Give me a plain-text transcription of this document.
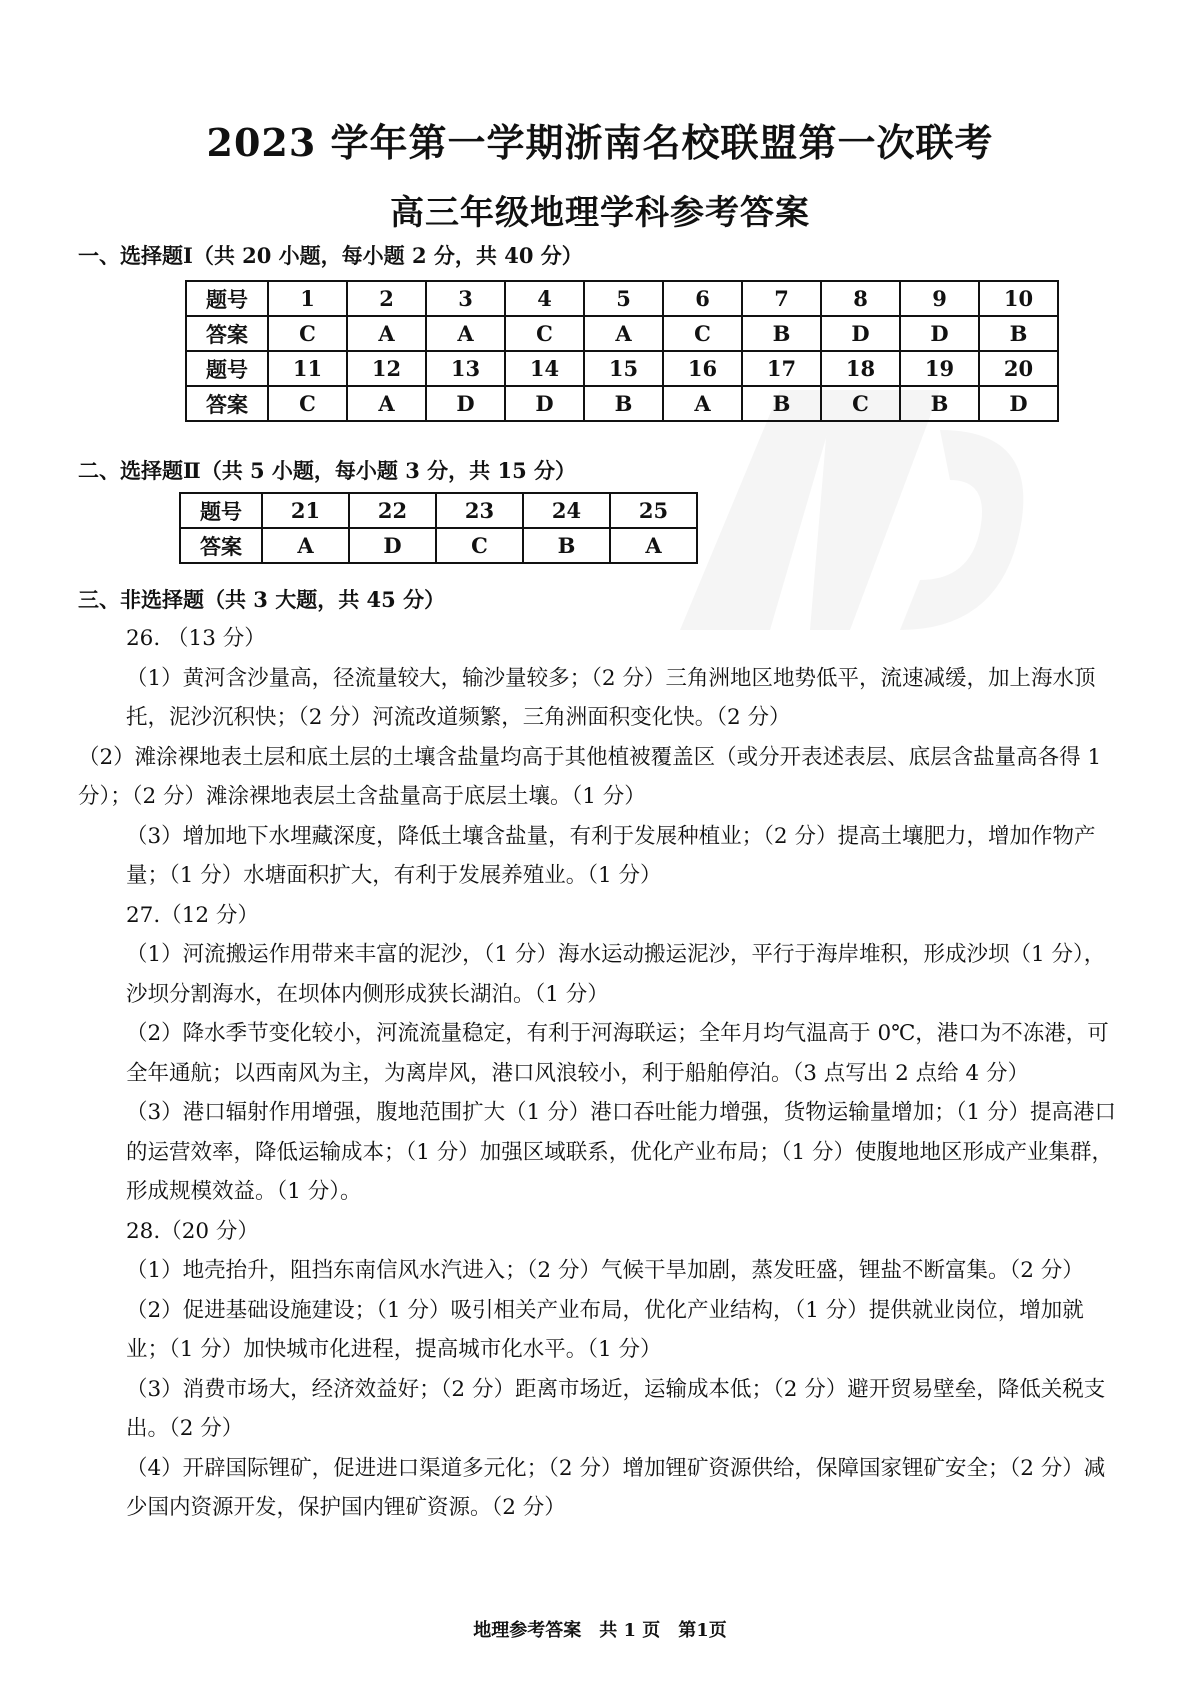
2023 学年第一学期浙南名校联盟第一次联考
高三年级地理学科参考答案
一、选择题Ⅰ（共 20 小题，每小题 2 分，共 40 分）
题号	1	2	3	4	5	6	7	8	9	10
答案	C	A	A	C	A	C	B	D	D	B
题号	11	12	13	14	15	16	17	18	19	20
答案	C	A	D	D	B	A	B	C	B	D
二、选择题Ⅱ（共 5 小题，每小题 3 分，共 15 分）
题号	21	22	23	24	25
答案	A	D	C	B	A
三、非选择题（共 3 大题，共 45 分）
26. （13 分）
（1）黄河含沙量高，径流量较大，输沙量较多；（2 分）三角洲地区地势低平，流速减缓，加上海水顶托，泥沙沉积快；（2 分）河流改道频繁，三角洲面积变化快。（2 分）
（2）滩涂裸地表土层和底土层的土壤含盐量均高于其他植被覆盖区（或分开表述表层、底层含盐量高各得 1 分）；（2 分）滩涂裸地表层土含盐量高于底层土壤。（1 分）
（3）增加地下水埋藏深度，降低土壤含盐量，有利于发展种植业；（2 分）提高土壤肥力，增加作物产量；（1 分）水塘面积扩大，有利于发展养殖业。（1 分）
27.（12 分）
（1）河流搬运作用带来丰富的泥沙，（1 分）海水运动搬运泥沙，平行于海岸堆积，形成沙坝（1 分），沙坝分割海水，在坝体内侧形成狭长湖泊。（1 分）
（2）降水季节变化较小，河流流量稳定，有利于河海联运；全年月均气温高于 0℃，港口为不冻港，可全年通航；以西南风为主，为离岸风，港口风浪较小，利于船舶停泊。（3 点写出 2 点给 4 分）
（3）港口辐射作用增强，腹地范围扩大（1 分）港口吞吐能力增强，货物运输量增加；（1 分）提高港口的运营效率，降低运输成本；（1 分）加强区域联系，优化产业布局；（1 分）使腹地地区形成产业集群，形成规模效益。（1 分）。
28.（20 分）
（1）地壳抬升，阻挡东南信风水汽进入；（2 分）气候干旱加剧，蒸发旺盛，锂盐不断富集。（2 分）
（2）促进基础设施建设；（1 分）吸引相关产业布局，优化产业结构，（1 分）提供就业岗位，增加就业；（1 分）加快城市化进程，提高城市化水平。（1 分）
（3）消费市场大，经济效益好；（2 分）距离市场近，运输成本低；（2 分）避开贸易壁垒，降低关税支出。（2 分）
（4）开辟国际锂矿，促进进口渠道多元化；（2 分）增加锂矿资源供给，保障国家锂矿安全；（2 分）减少国内资源开发，保护国内锂矿资源。（2 分）
地理参考答案　共 1 页　第1页
